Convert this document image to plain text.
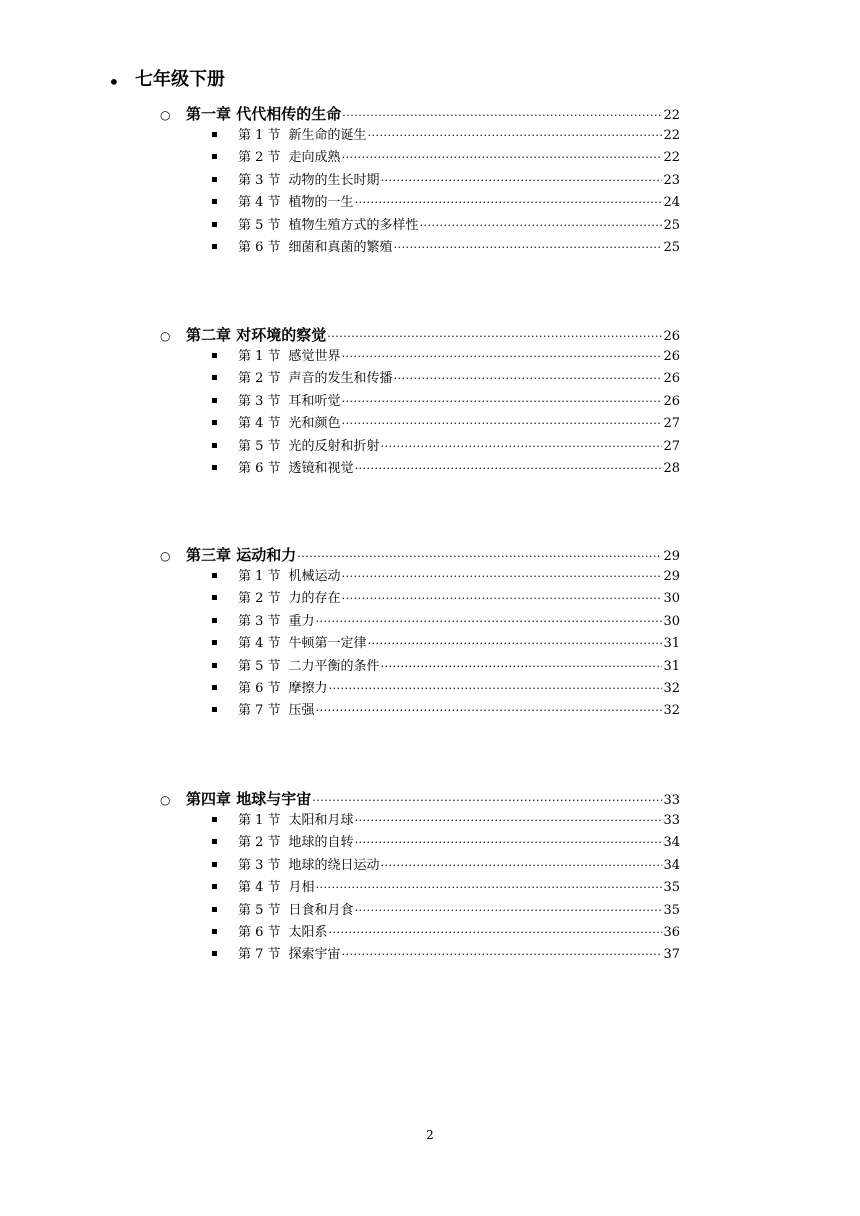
• 七年级下册
○ 第一章 代代相传的生命 ·····	22
第 1 节 新生命的诞生 ·····	22
第 2 节 走向成熟 ·····	22
第 3 节 动物的生长时期 ·····	23
第 4 节 植物的一生 ·····	24
第 5 节 植物生殖方式的多样性 ·····	25
第 6 节 细菌和真菌的繁殖 ·····	25
○ 第二章 对环境的察觉 ·····	26
第 1 节 感觉世界 ·····	26
第 2 节 声音的发生和传播 ·····	26
第 3 节 耳和听觉 ·····	26
第 4 节 光和颜色 ·····	27
第 5 节 光的反射和折射 ·····	27
第 6 节 透镜和视觉 ·····	28
○ 第三章 运动和力 ·····	29
第 1 节 机械运动 ·····	29
第 2 节 力的存在 ·····	30
第 3 节 重力 ·····	30
第 4 节 牛顿第一定律 ·····	31
第 5 节 二力平衡的条件 ·····	31
第 6 节 摩擦力 ·····	32
第 7 节 压强 ·····	32
○ 第四章 地球与宇宙 ·····	33
第 1 节 太阳和月球 ·····	33
第 2 节 地球的自转 ·····	34
第 3 节 地球的绕日运动 ·····	34
第 4 节 月相 ·····	35
第 5 节 日食和月食 ·····	35
第 6 节 太阳系 ·····	36
第 7 节 探索宇宙 ·····	37
2
